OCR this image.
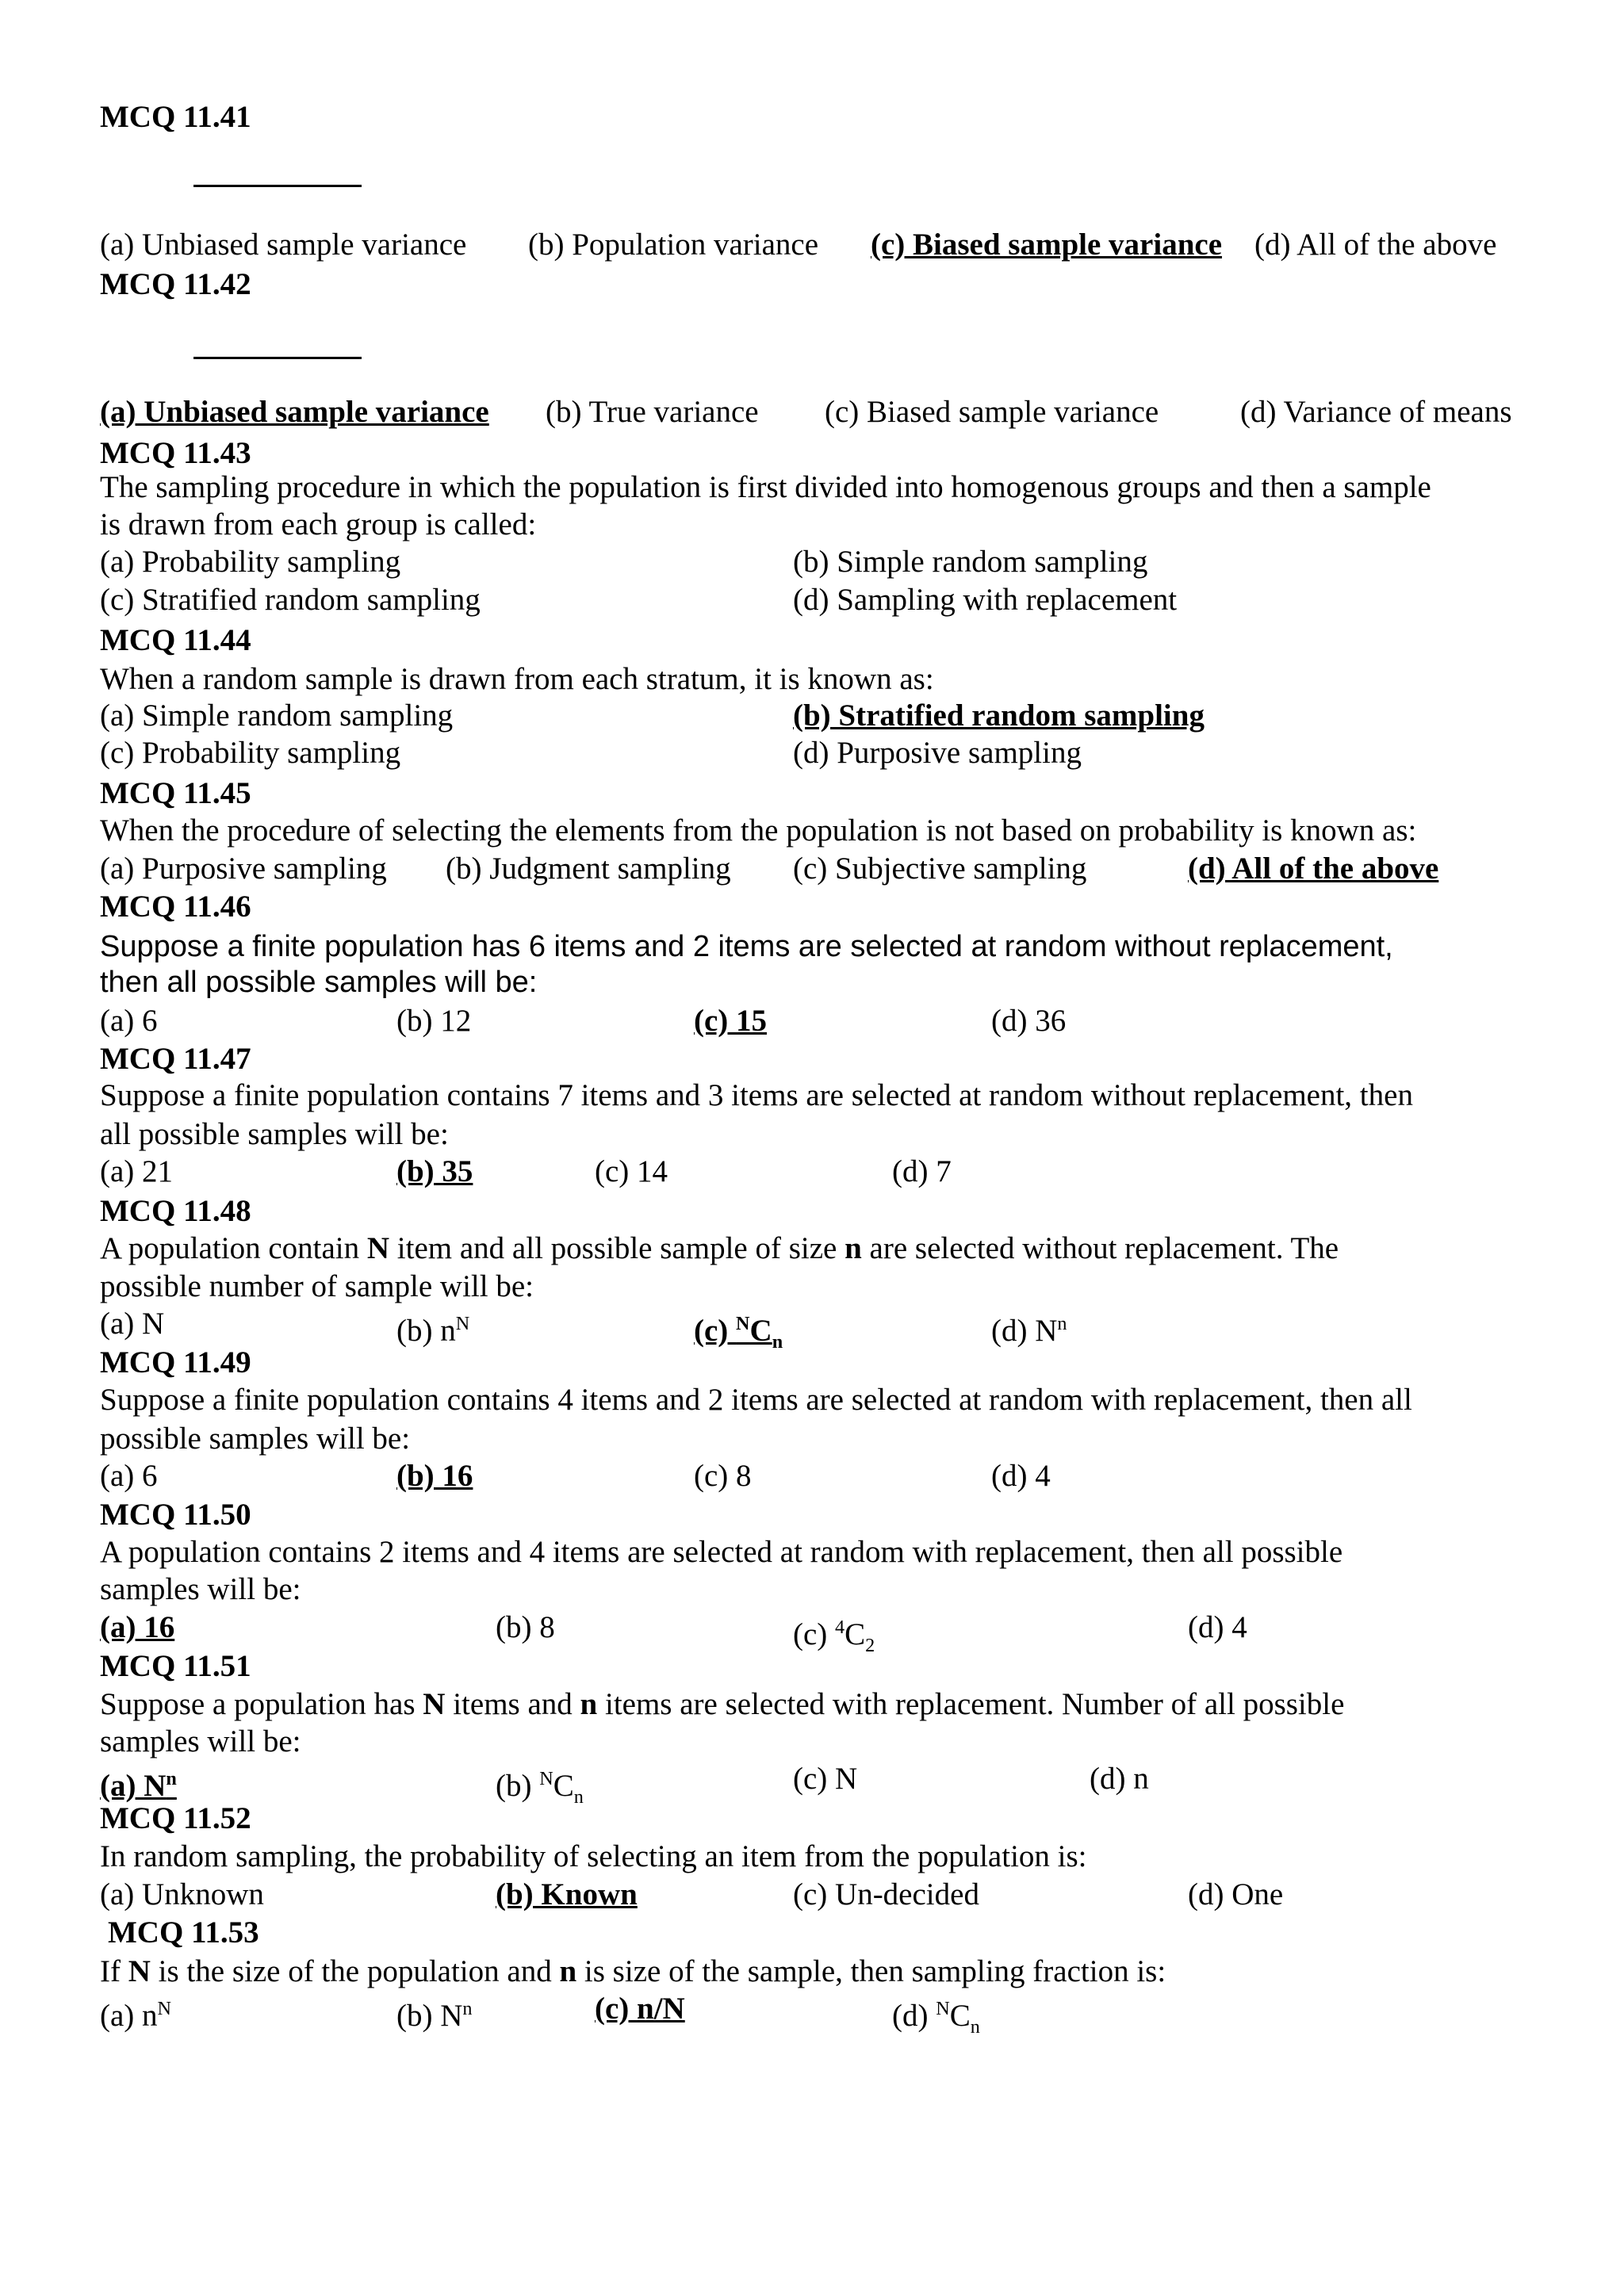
MCQ 11.41
(a) Unbiased sample variance (b) Population variance (c) Biased sample variance (d) All of the above
MCQ 11.42
(a) Unbiased sample variance (b) True variance (c) Biased sample variance	(d) Variance of means
MCQ 11.43
The sampling procedure in which the population is first divided into homogenous groups and then a sample
is drawn from each group is called:
(a) Probability sampling	(b) Simple random sampling
(c) Stratified random sampling	(d) Sampling with replacement
MCQ 11.44
When a random sample is drawn from each stratum, it is known as:
(a) Simple random sampling	(b) Stratified random sampling
(c) Probability sampling	(d) Purposive sampling
MCQ 11.45
When the procedure of selecting the elements from the population is not based on probability is known as:
(a) Purposive sampling (b) Judgment sampling (c) Subjective sampling	(d) All of the above
MCQ 11.46
Suppose a finite population has 6 items and 2 items are selected at random without replacement,
then all possible samples will be:
(a) 6	(b) 12	(c) 15	(d) 36
MCQ 11.47
Suppose a finite population contains 7 items and 3 items are selected at random without replacement, then
all possible samples will be:
(a) 21	(b) 35	(c) 14	(d) 7
MCQ 11.48
A population contain N item and all possible sample of size n are selected without replacement. The
possible number of sample will be:
(a) N	(b) $n^N$	(c) $^NC_n$	(d) $N^n$
MCQ 11.49
Suppose a finite population contains 4 items and 2 items are selected at random with replacement, then all
possible samples will be:
(a) 6	(b) 16	(c) 8	(d) 4
MCQ 11.50
A population contains 2 items and 4 items are selected at random with replacement, then all possible
samples will be:
(a) 16	(b) 8	(c) $^4C_2$
(d) 4
MCQ 11.51
Suppose a population has N items and n items are selected with replacement. Number of all possible
samples will be:
(a) $N^n$	(b) $^NC_n$
(c) N	(d) n
MCQ 11.52
In random sampling, the probability of selecting an item from the population is:
(a) Unknown	(b) Known	(c) Un-decided	(d) One
MCQ 11.53
If N is the size of the population and n is size of the sample, then sampling fraction is:
(a) $n^N$	(b) $N^n$	(c) n/N	(d) $^NC_n$
